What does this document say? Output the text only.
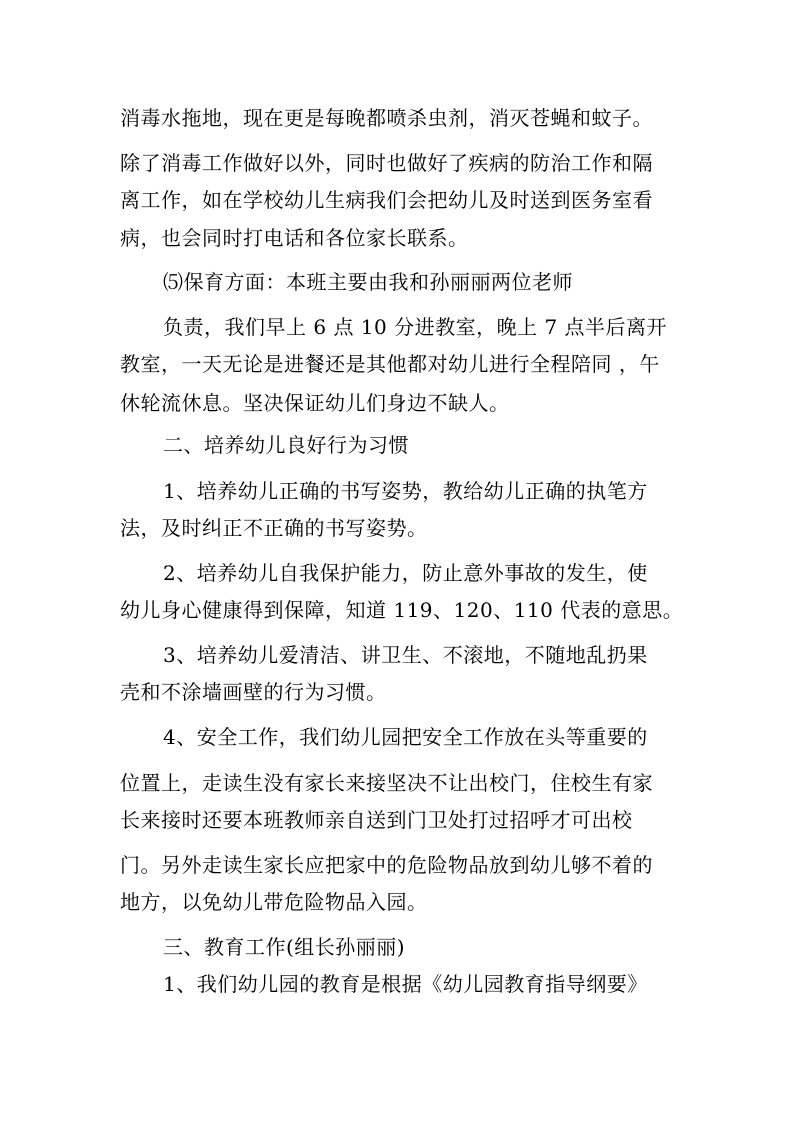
消毒水拖地，现在更是每晚都喷杀虫剂，消灭苍蝇和蚊子。
除了消毒工作做好以外，同时也做好了疾病的防治工作和隔
离工作，如在学校幼儿生病我们会把幼儿及时送到医务室看
病，也会同时打电话和各位家长联系。
⑸保育方面：本班主要由我和孙丽丽两位老师
负责，我们早上 6 点 10 分进教室，晚上 7 点半后离开
教室，一天无论是进餐还是其他都对幼儿进行全程陪同 ，午
休轮流休息。坚决保证幼儿们身边不缺人。
二、培养幼儿良好行为习惯
1、培养幼儿正确的书写姿势，教给幼儿正确的执笔方
法，及时纠正不正确的书写姿势。
2、培养幼儿自我保护能力，防止意外事故的发生，使
幼儿身心健康得到保障，知道 119、120、110 代表的意思。
3、培养幼儿爱清洁、讲卫生、不滚地，不随地乱扔果
壳和不涂墙画壁的行为习惯。
4、安全工作，我们幼儿园把安全工作放在头等重要的
位置上，走读生没有家长来接坚决不让出校门，住校生有家
长来接时还要本班教师亲自送到门卫处打过招呼才可出校
门。另外走读生家长应把家中的危险物品放到幼儿够不着的
地方，以免幼儿带危险物品入园。
三、教育工作(组长孙丽丽)
1、我们幼儿园的教育是根据《幼儿园教育指导纲要》
